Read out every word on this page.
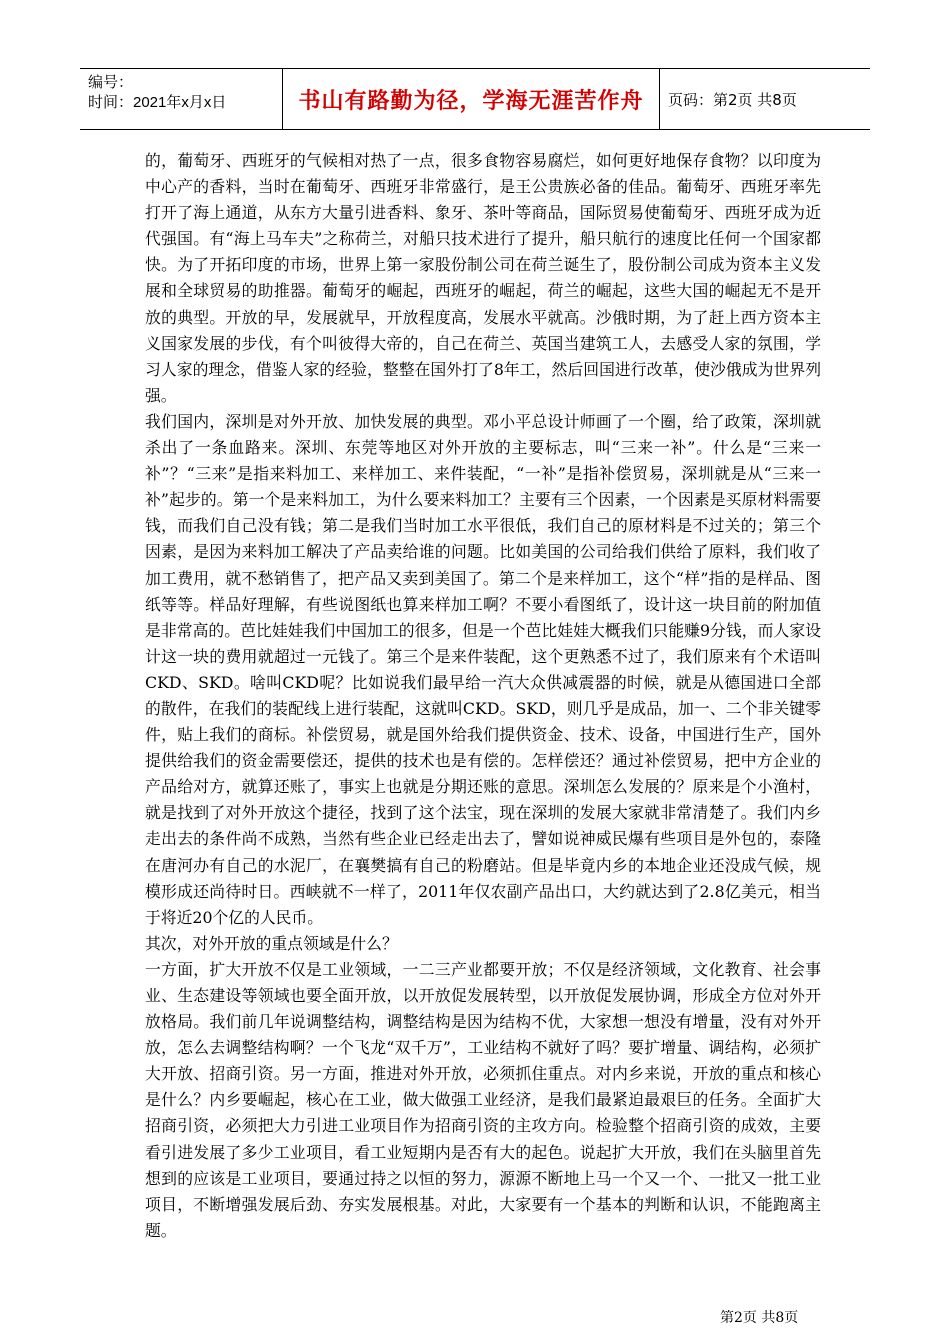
编号：
时间：2021年x月x日	书山有路勤为径，学海无涯苦作舟	页码：第2页 共8页

的，葡萄牙、西班牙的气候相对热了一点，很多食物容易腐烂，如何更好地保存食物？以印度为中心产的香料，当时在葡萄牙、西班牙非常盛行，是王公贵族必备的佳品。葡萄牙、西班牙率先打开了海上通道，从东方大量引进香料、象牙、茶叶等商品，国际贸易使葡萄牙、西班牙成为近代强国。有“海上马车夫”之称荷兰，对船只技术进行了提升，船只航行的速度比任何一个国家都快。为了开拓印度的市场，世界上第一家股份制公司在荷兰诞生了，股份制公司成为资本主义发展和全球贸易的助推器。葡萄牙的崛起，西班牙的崛起，荷兰的崛起，这些大国的崛起无不是开放的典型。开放的早，发展就早，开放程度高，发展水平就高。沙俄时期，为了赶上西方资本主义国家发展的步伐，有个叫彼得大帝的，自己在荷兰、英国当建筑工人，去感受人家的氛围，学习人家的理念，借鉴人家的经验，整整在国外打了8年工，然后回国进行改革，使沙俄成为世界列强。

我们国内，深圳是对外开放、加快发展的典型。邓小平总设计师画了一个圈，给了政策，深圳就杀出了一条血路来。深圳、东莞等地区对外开放的主要标志，叫“三来一补”。什么是“三来一补”？“三来”是指来料加工、来样加工、来件装配，“一补”是指补偿贸易，深圳就是从“三来一补”起步的。第一个是来料加工，为什么要来料加工？主要有三个因素，一个因素是买原材料需要钱，而我们自己没有钱；第二是我们当时加工水平很低，我们自己的原材料是不过关的；第三个因素，是因为来料加工解决了产品卖给谁的问题。比如美国的公司给我们供给了原料，我们收了加工费用，就不愁销售了，把产品又卖到美国了。第二个是来样加工，这个“样”指的是样品、图纸等等。样品好理解，有些说图纸也算来样加工啊？不要小看图纸了，设计这一块目前的附加值是非常高的。芭比娃娃我们中国加工的很多，但是一个芭比娃娃大概我们只能赚9分钱，而人家设计这一块的费用就超过一元钱了。第三个是来件装配，这个更熟悉不过了，我们原来有个术语叫CKD、SKD。啥叫CKD呢？比如说我们最早给一汽大众供减震器的时候，就是从德国进口全部的散件，在我们的装配线上进行装配，这就叫CKD。SKD，则几乎是成品，加一、二个非关键零件，贴上我们的商标。补偿贸易，就是国外给我们提供资金、技术、设备，中国进行生产，国外提供给我们的资金需要偿还，提供的技术也是有偿的。怎样偿还？通过补偿贸易，把中方企业的产品给对方，就算还账了，事实上也就是分期还账的意思。深圳怎么发展的？原来是个小渔村，就是找到了对外开放这个捷径，找到了这个法宝，现在深圳的发展大家就非常清楚了。我们内乡走出去的条件尚不成熟，当然有些企业已经走出去了，譬如说神威民爆有些项目是外包的，泰隆在唐河办有自己的水泥厂，在襄樊搞有自己的粉磨站。但是毕竟内乡的本地企业还没成气候，规模形成还尚待时日。西峡就不一样了，2011年仅农副产品出口，大约就达到了2.8亿美元，相当于将近20个亿的人民币。

其次，对外开放的重点领域是什么？

一方面，扩大开放不仅是工业领域，一二三产业都要开放；不仅是经济领域，文化教育、社会事业、生态建设等领域也要全面开放，以开放促发展转型，以开放促发展协调，形成全方位对外开放格局。我们前几年说调整结构，调整结构是因为结构不优，大家想一想没有增量，没有对外开放，怎么去调整结构啊？一个飞龙“双千万”，工业结构不就好了吗？要扩增量、调结构，必须扩大开放、招商引资。另一方面，推进对外开放，必须抓住重点。对内乡来说，开放的重点和核心是什么？内乡要崛起，核心在工业，做大做强工业经济，是我们最紧迫最艰巨的任务。全面扩大招商引资，必须把大力引进工业项目作为招商引资的主攻方向。检验整个招商引资的成效，主要看引进发展了多少工业项目，看工业短期内是否有大的起色。说起扩大开放，我们在头脑里首先想到的应该是工业项目，要通过持之以恒的努力，源源不断地上马一个又一个、一批又一批工业项目，不断增强发展后劲、夯实发展根基。对此，大家要有一个基本的判断和认识，不能跑离主题。

第2页 共8页
